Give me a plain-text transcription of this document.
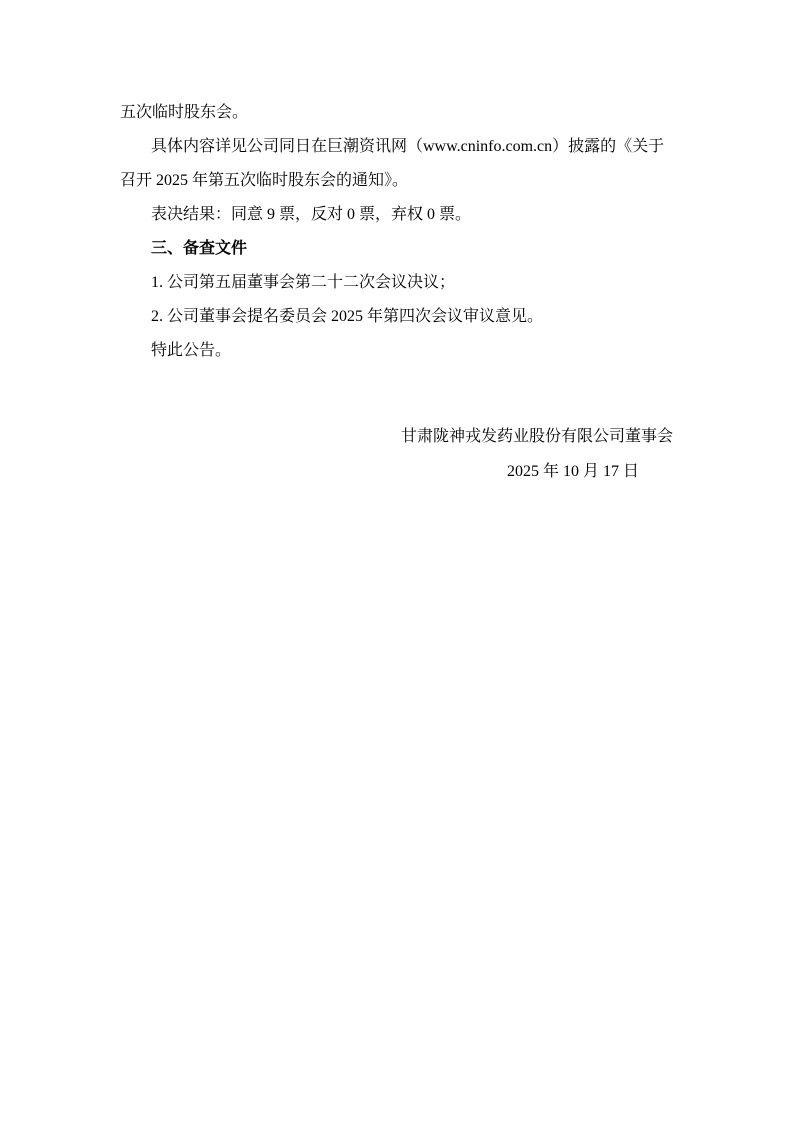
五次临时股东会。
具体内容详见公司同日在巨潮资讯网（www.cninfo.com.cn）披露的《关于
召开 2025 年第五次临时股东会的通知》。
表决结果：同意 9 票，反对 0 票，弃权 0 票。
三、备查文件
1. 公司第五届董事会第二十二次会议决议；
2. 公司董事会提名委员会 2025 年第四次会议审议意见。
特此公告。
甘肃陇神戎发药业股份有限公司董事会
2025 年 10 月 17 日
